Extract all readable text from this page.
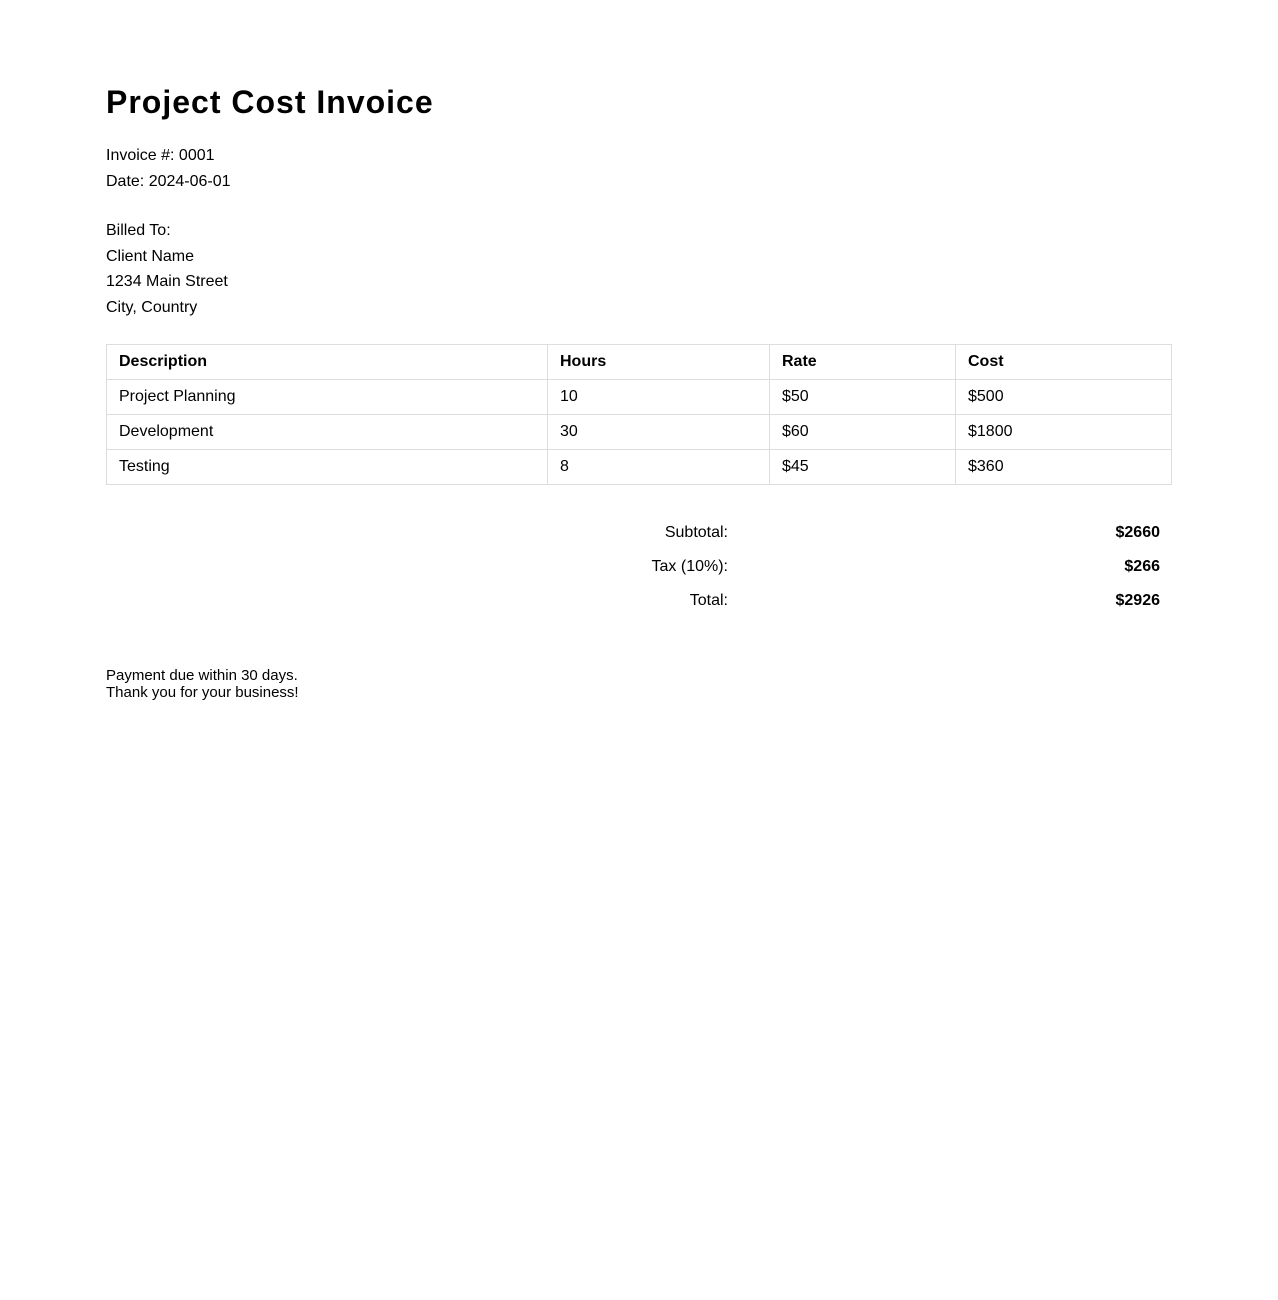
Project Cost Invoice
Invoice #: 0001
Date: 2024-06-01
Billed To:
Client Name
1234 Main Street
City, Country
Description	Hours	Rate	Cost
Project Planning	10	$50	$500
Development	30	$60	$1800
Testing	8	$45	$360
Subtotal:	$2660
Tax (10%):	$266
Total:	$2926
Payment due within 30 days.
Thank you for your business!
